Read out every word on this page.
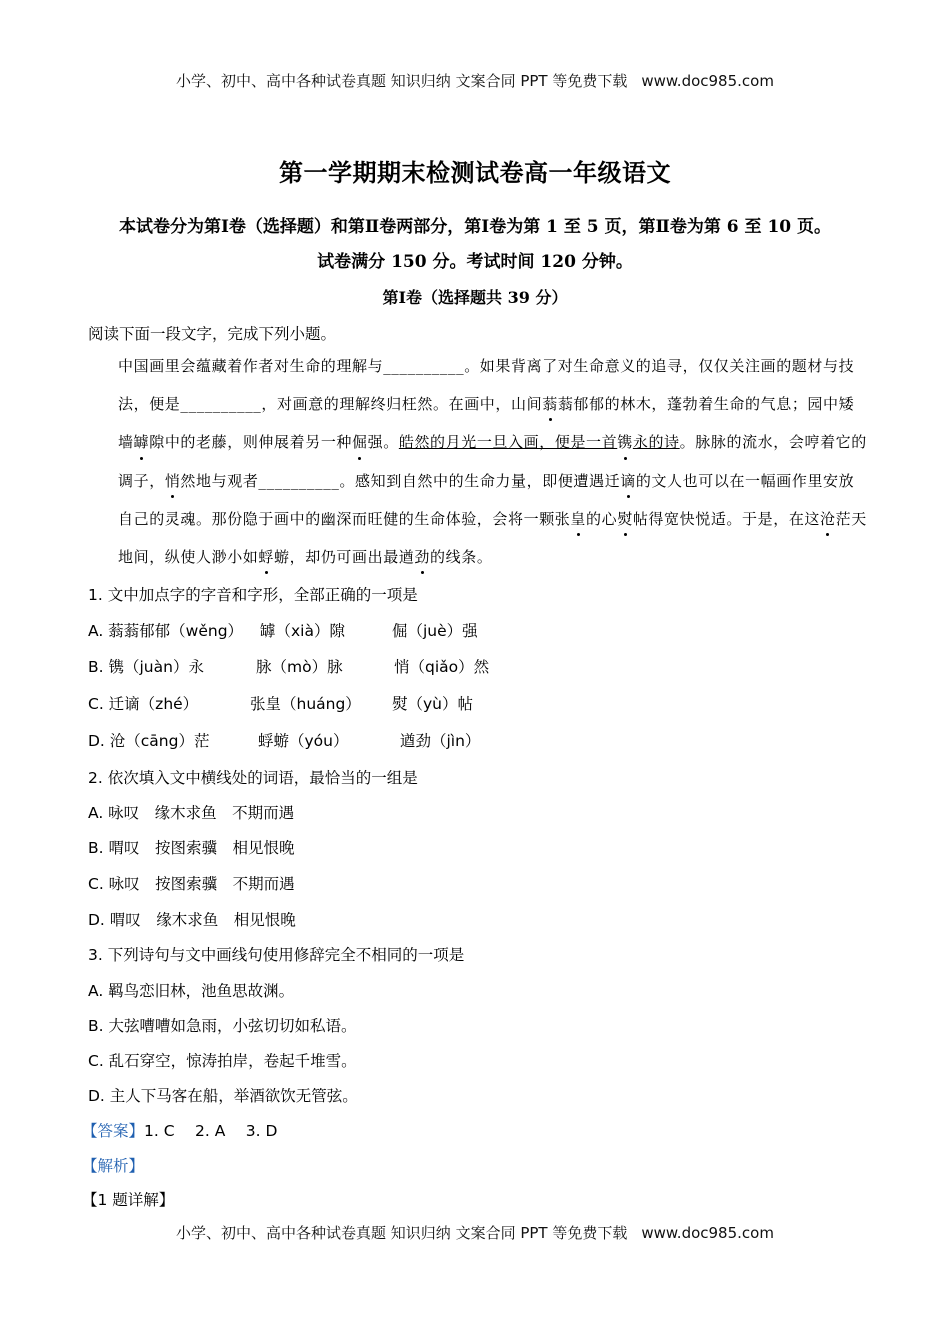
小学、初中、高中各种试卷真题 知识归纳 文案合同 PPT 等免费下载 www.doc985.com
第一学期期末检测试卷高一年级语文
本试卷分为第Ⅰ卷（选择题）和第Ⅱ卷两部分，第Ⅰ卷为第 1 至 5 页，第Ⅱ卷为第 6 至 10 页。
试卷满分 150 分。考试时间 120 分钟。
第Ⅰ卷（选择题共 39 分）
阅读下面一段文字，完成下列小题。

中国画里会蕴藏着作者对生命的理解与__________。如果背离了对生命意义的追寻，仅仅关注画的题材与技法，便是__________，对画意的理解终归枉然。在画中，山间蓊蓊郁郁的林木，蓬勃着生命的气息；园中矮墙罅隙中的老藤，则伸展着另一种倔强。皓然的月光一旦入画，便是一首镌永的诗。脉脉的流水，会哼着它的调子，悄然地与观者__________。感知到自然中的生命力量，即便遭遇迁谪的文人也可以在一幅画作里安放自己的灵魂。那份隐于画中的幽深而旺健的生命体验，会将一颗张皇的心熨帖得宽快悦适。于是，在这沧茫天地间，纵使人渺小如蜉蝣，却仍可画出最遒劲的线条。

1. 文中加点字的字音和字形，全部正确的一项是
A. 蓊蓊郁郁（wěng） 罅（xià）隙	倔（juè）强
B. 镌（juàn）永	脉（mò）脉	悄（qiǎo）然
C. 迁谪（zhé）	张皇（huáng） 熨（yù）帖
D. 沧（cāng）茫	蜉蝣（yóu）	遒劲（jìn）
2. 依次填入文中横线处的词语，最恰当的一组是
A. 咏叹　缘木求鱼　不期而遇
B. 喟叹　按图索骥　相见恨晚
C. 咏叹　按图索骥　不期而遇
D. 喟叹　缘木求鱼　相见恨晚
3. 下列诗句与文中画线句使用修辞完全不相同的一项是
A. 羁鸟恋旧林，池鱼思故渊。
B. 大弦嘈嘈如急雨，小弦切切如私语。
C. 乱石穿空，惊涛拍岸，卷起千堆雪。
D. 主人下马客在船，举酒欲饮无管弦。
【答案】1. C　 2. A　 3. D
【解析】
【1 题详解】
小学、初中、高中各种试卷真题 知识归纳 文案合同 PPT 等免费下载 www.doc985.com
